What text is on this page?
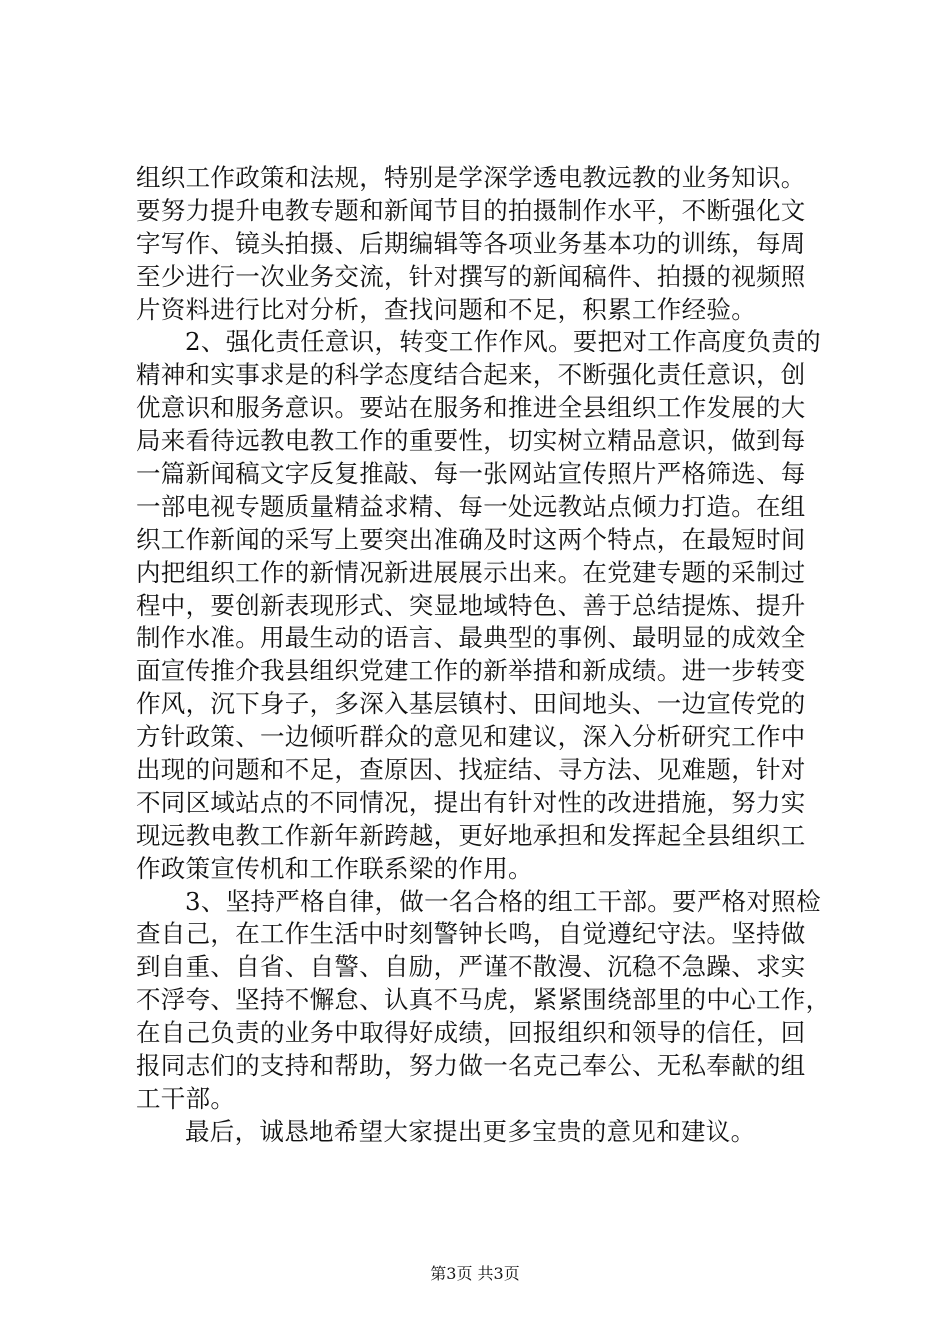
组织工作政策和法规，特别是学深学透电教远教的业务知识。
要努力提升电教专题和新闻节目的拍摄制作水平，不断强化文
字写作、镜头拍摄、后期编辑等各项业务基本功的训练，每周
至少进行一次业务交流，针对撰写的新闻稿件、拍摄的视频照
片资料进行比对分析，查找问题和不足，积累工作经验。
2、强化责任意识，转变工作作风。要把对工作高度负责的
精神和实事求是的科学态度结合起来，不断强化责任意识，创
优意识和服务意识。要站在服务和推进全县组织工作发展的大
局来看待远教电教工作的重要性，切实树立精品意识，做到每
一篇新闻稿文字反复推敲、每一张网站宣传照片严格筛选、每
一部电视专题质量精益求精、每一处远教站点倾力打造。在组
织工作新闻的采写上要突出准确及时这两个特点，在最短时间
内把组织工作的新情况新进展展示出来。在党建专题的采制过
程中，要创新表现形式、突显地域特色、善于总结提炼、提升
制作水准。用最生动的语言、最典型的事例、最明显的成效全
面宣传推介我县组织党建工作的新举措和新成绩。进一步转变
作风，沉下身子，多深入基层镇村、田间地头、一边宣传党的
方针政策、一边倾听群众的意见和建议，深入分析研究工作中
出现的问题和不足，查原因、找症结、寻方法、见难题，针对
不同区域站点的不同情况，提出有针对性的改进措施，努力实
现远教电教工作新年新跨越，更好地承担和发挥起全县组织工
作政策宣传机和工作联系梁的作用。
3、坚持严格自律，做一名合格的组工干部。要严格对照检
查自己，在工作生活中时刻警钟长鸣，自觉遵纪守法。坚持做
到自重、自省、自警、自励，严谨不散漫、沉稳不急躁、求实
不浮夸、坚持不懈怠、认真不马虎，紧紧围绕部里的中心工作，
在自己负责的业务中取得好成绩，回报组织和领导的信任，回
报同志们的支持和帮助，努力做一名克己奉公、无私奉献的组
工干部。
最后，诚恳地希望大家提出更多宝贵的意见和建议。
第3页 共3页
